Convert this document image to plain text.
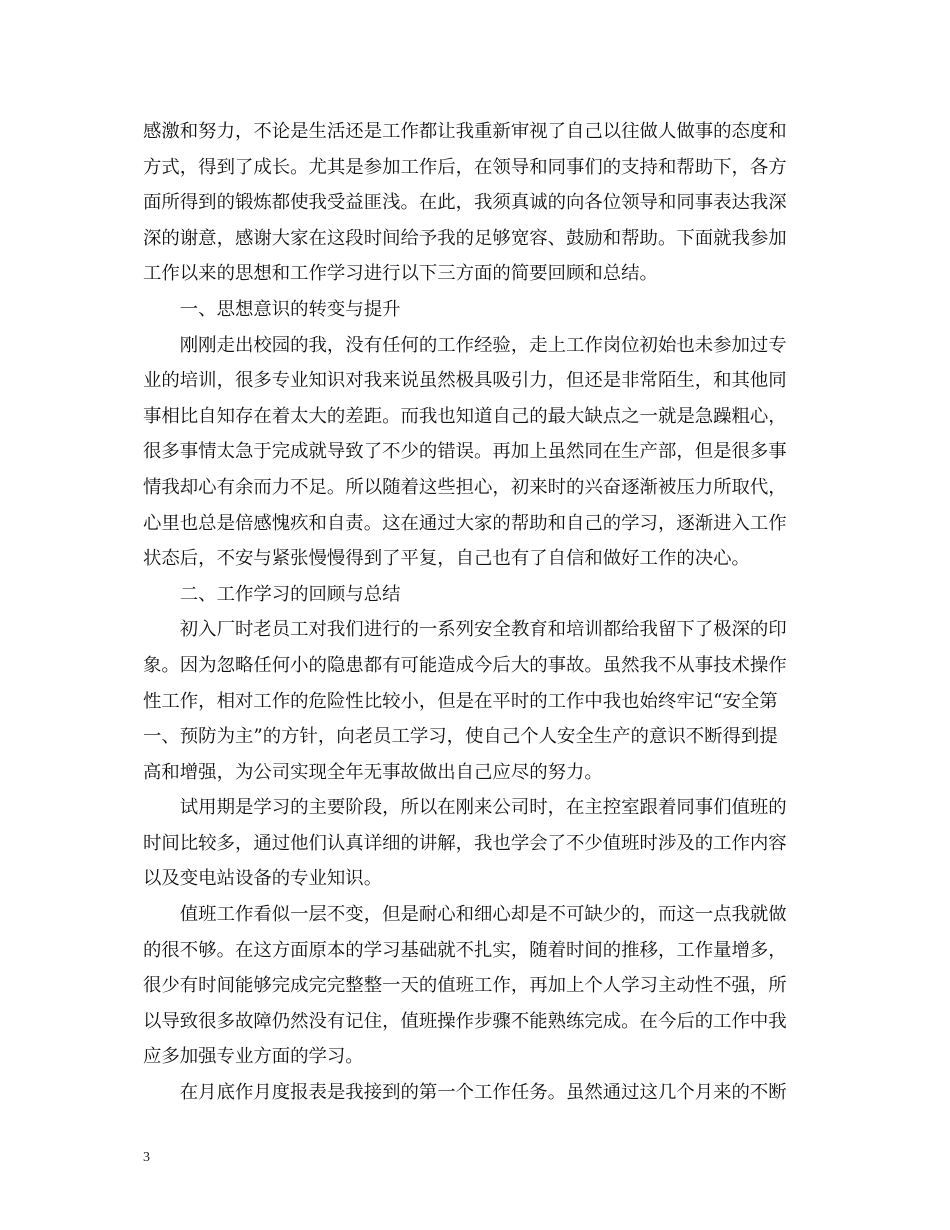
感激和努力，不论是生活还是工作都让我重新审视了自己以往做人做事的态度和
方式，得到了成长。尤其是参加工作后，在领导和同事们的支持和帮助下，各方
面所得到的锻炼都使我受益匪浅。在此，我须真诚的向各位领导和同事表达我深
深的谢意，感谢大家在这段时间给予我的足够宽容、鼓励和帮助。下面就我参加
工作以来的思想和工作学习进行以下三方面的简要回顾和总结。
　　一、思想意识的转变与提升
　　刚刚走出校园的我，没有任何的工作经验，走上工作岗位初始也未参加过专
业的培训，很多专业知识对我来说虽然极具吸引力，但还是非常陌生，和其他同
事相比自知存在着太大的差距。而我也知道自己的最大缺点之一就是急躁粗心，
很多事情太急于完成就导致了不少的错误。再加上虽然同在生产部，但是很多事
情我却心有余而力不足。所以随着这些担心，初来时的兴奋逐渐被压力所取代，
心里也总是倍感愧疚和自责。这在通过大家的帮助和自己的学习，逐渐进入工作
状态后，不安与紧张慢慢得到了平复，自己也有了自信和做好工作的决心。
　　二、工作学习的回顾与总结
　　初入厂时老员工对我们进行的一系列安全教育和培训都给我留下了极深的印
象。因为忽略任何小的隐患都有可能造成今后大的事故。虽然我不从事技术操作
性工作，相对工作的危险性比较小，但是在平时的工作中我也始终牢记“安全第
一、预防为主”的方针，向老员工学习，使自己个人安全生产的意识不断得到提
高和增强，为公司实现全年无事故做出自己应尽的努力。
　　试用期是学习的主要阶段，所以在刚来公司时，在主控室跟着同事们值班的
时间比较多，通过他们认真详细的讲解，我也学会了不少值班时涉及的工作内容
以及变电站设备的专业知识。
　　值班工作看似一层不变，但是耐心和细心却是不可缺少的，而这一点我就做
的很不够。在这方面原本的学习基础就不扎实，随着时间的推移，工作量增多，
很少有时间能够完成完完整整一天的值班工作，再加上个人学习主动性不强，所
以导致很多故障仍然没有记住，值班操作步骤不能熟练完成。在今后的工作中我
应多加强专业方面的学习。
　　在月底作月度报表是我接到的第一个工作任务。虽然通过这几个月来的不断
3
